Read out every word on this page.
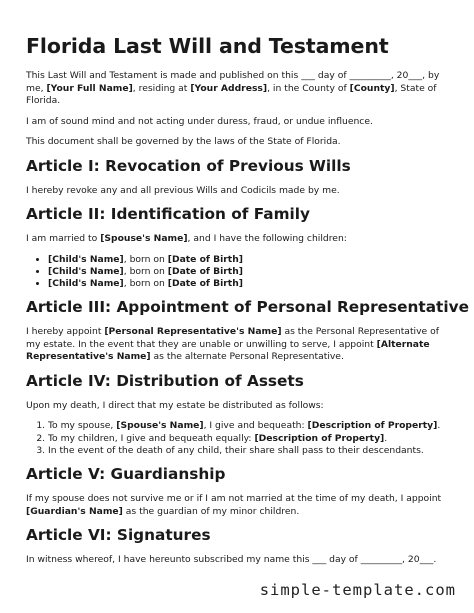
Florida Last Will and Testament

This Last Will and Testament is made and published on this ___ day of _________, 20___, by me, [Your Full Name], residing at [Your Address], in the County of [County], State of Florida.

I am of sound mind and not acting under duress, fraud, or undue influence.

This document shall be governed by the laws of the State of Florida.

Article I: Revocation of Previous Wills

I hereby revoke any and all previous Wills and Codicils made by me.

Article II: Identification of Family

I am married to [Spouse's Name], and I have the following children:

• [Child's Name], born on [Date of Birth]
• [Child's Name], born on [Date of Birth]
• [Child's Name], born on [Date of Birth]
Article III: Appointment of Personal Representative

I hereby appoint [Personal Representative's Name] as the Personal Representative of my estate. In the event that they are unable or unwilling to serve, I appoint [Alternate Representative's Name] as the alternate Personal Representative.

Article IV: Distribution of Assets

Upon my death, I direct that my estate be distributed as follows:

1. To my spouse, [Spouse's Name], I give and bequeath: [Description of Property].
2. To my children, I give and bequeath equally: [Description of Property].
3. In the event of the death of any child, their share shall pass to their descendants.
Article V: Guardianship

If my spouse does not survive me or if I am not married at the time of my death, I appoint [Guardian's Name] as the guardian of my minor children.

Article VI: Signatures

In witness whereof, I have hereunto subscribed my name this ___ day of _________, 20___.

simple-template.com
